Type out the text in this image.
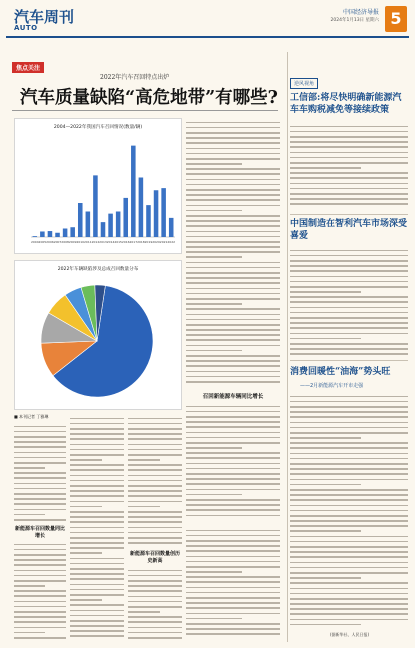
汽车周刊
AUTO
中国经济导报
2024年1月13日 星期六 5
焦点关注
2022年汽车召回特点出炉
汽车质量缺陷“高危地带”有哪些?
2004—2022年我国汽车召回情况(数量/辆)
2004 2005 2006 2007 2008 2009 2010 2011 2012 2013 2014 2015 2016 2017 2018 2019 2020 2021 2022
2022年车辆缺陷涉及总成召回数量分布
召回新能源车辆同比增长
■ 本刊记者 丁雅琳
新能源车召回数量同比增长
新能源车召回数量创历史新高
逆风视角
工信部:将尽快明确新能源汽车车购税减免等接续政策
中国制造在智利汽车市场深受喜爱
消费回暖性“油海”势头旺
——2月新能源汽车开市走强
(据新华社、人民日报)
